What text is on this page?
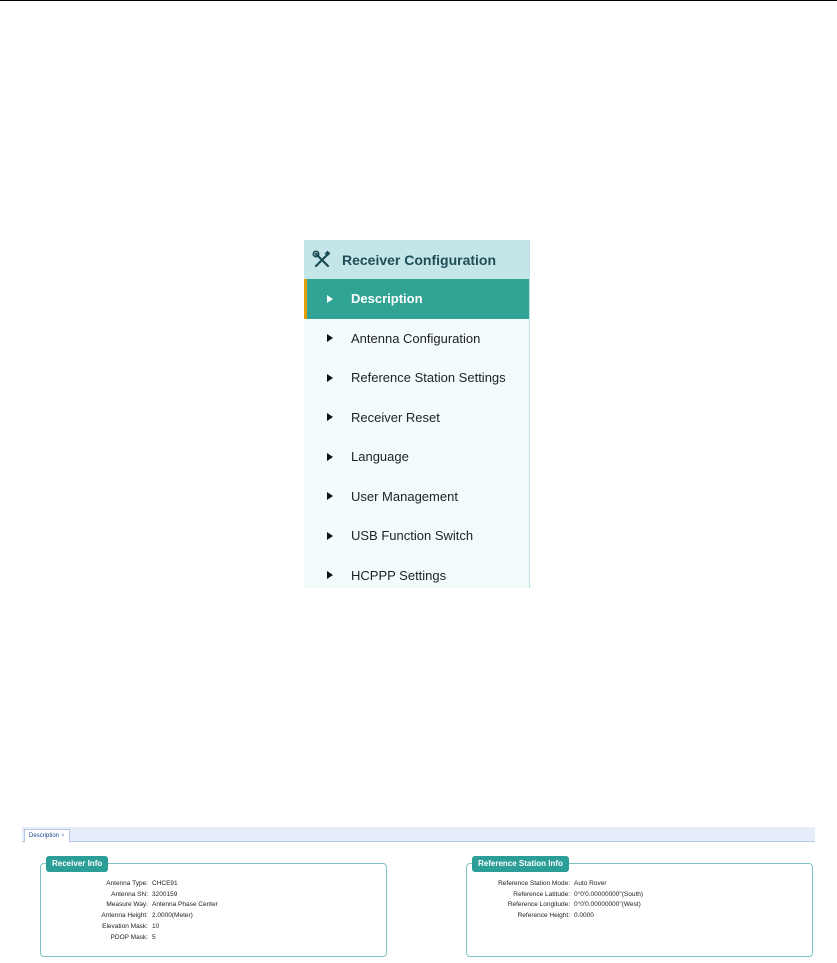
Receiver Configuration
Description
Antenna Configuration
Reference Station Settings
Receiver Reset
Language
User Management
USB Function Switch
HCPPP Settings
Description ×
Receiver Info
Antenna Type: CHCE91
Antenna SN: 3200159
Measure Way: Antenna Phase Center
Antenna Height: 2.0000(Meter)
Elevation Mask: 10
PDOP Mask: 5
Reference Station Info
Reference Station Mode: Auto Rover
Reference Latitude: 0°0'0.00000000"(South)
Reference Longitude: 0°0'0.00000000"(West)
Reference Height: 0.0000
